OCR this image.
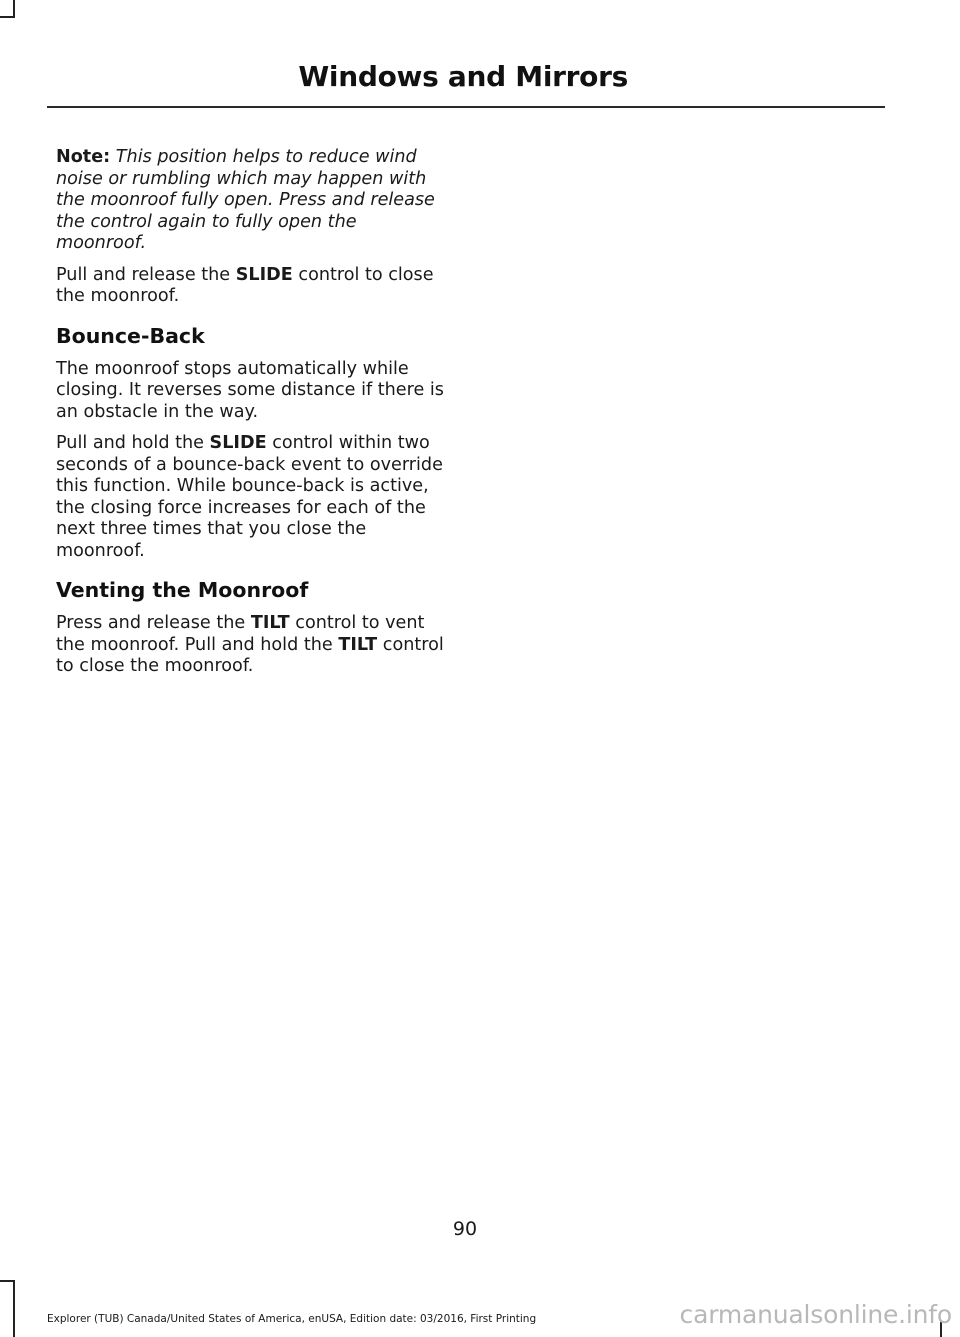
Windows and Mirrors

Note: This position helps to reduce wind noise or rumbling which may happen with the moonroof fully open. Press and release the control again to fully open the moonroof.

Pull and release the SLIDE control to close the moonroof.

Bounce-Back

The moonroof stops automatically while closing. It reverses some distance if there is an obstacle in the way.

Pull and hold the SLIDE control within two seconds of a bounce-back event to override this function. While bounce-back is active, the closing force increases for each of the next three times that you close the moonroof.

Venting the Moonroof

Press and release the TILT control to vent the moonroof. Pull and hold the TILT control to close the moonroof.

90
Explorer (TUB) Canada/United States of America, enUSA, Edition date: 03/2016, First Printing	carmanualsonline.info
